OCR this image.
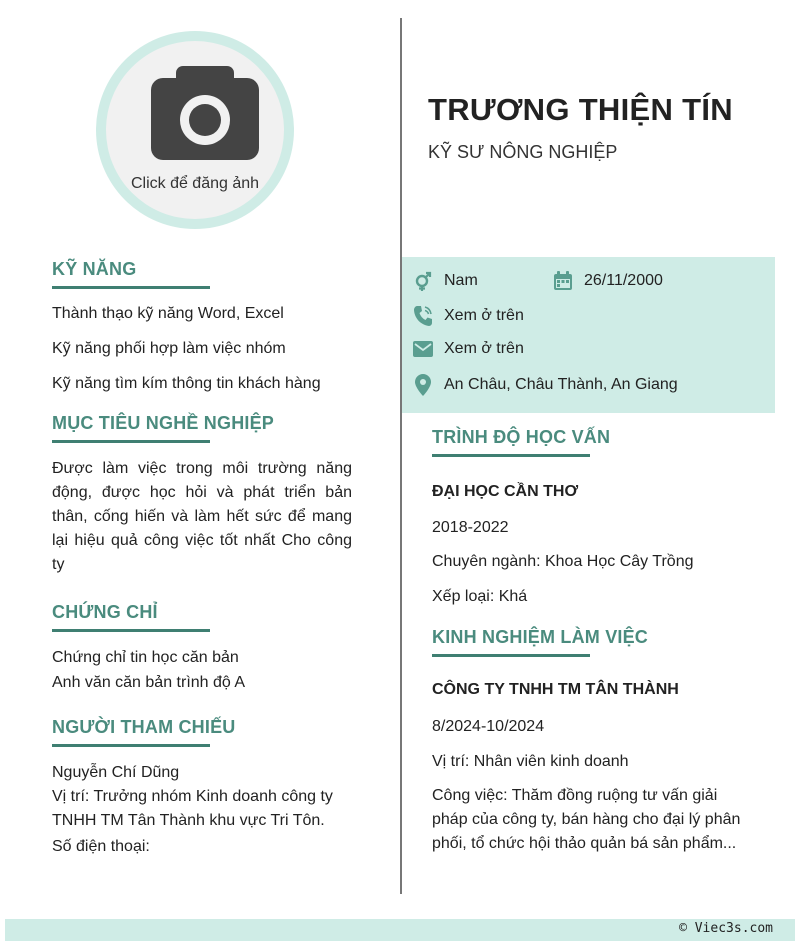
Click để đăng ảnh
TRƯƠNG THIỆN TÍN

KỸ SƯ NÔNG NGHIỆP

Nam	26/11/2000
Xem ở trên
Xem ở trên
An Châu, Châu Thành, An Giang
KỸ NĂNG

Thành thạo kỹ năng Word, Excel

Kỹ năng phối hợp làm việc nhóm

Kỹ năng tìm kím thông tin khách hàng

MỤC TIÊU NGHỀ NGHIỆP

Được làm việc trong môi trường năng động, được học hỏi và phát triển bản thân, cống hiến và làm hết sức để mang lại hiệu quả công việc tốt nhất Cho công ty

CHỨNG CHỈ

Chứng chỉ tin học căn bản

Anh văn căn bản trình độ A

NGƯỜI THAM CHIẾU

Nguyễn Chí Dũng

Vị trí: Trưởng nhóm Kinh doanh công ty TNHH TM Tân Thành khu vực Tri Tôn.

Số điện thoại:

TRÌNH ĐỘ HỌC VẤN

ĐẠI HỌC CẦN THƠ

2018-2022

Chuyên ngành: Khoa Học Cây Trồng

Xếp loại: Khá

KINH NGHIỆM LÀM VIỆC

CÔNG TY TNHH TM TÂN THÀNH

8/2024-10/2024

Vị trí: Nhân viên kinh doanh

Công việc: Thăm đồng ruộng tư vấn giải pháp của công ty, bán hàng cho đại lý phân phối, tổ chức hội thảo quản bá sản phẩm...

© Viec3s.com
